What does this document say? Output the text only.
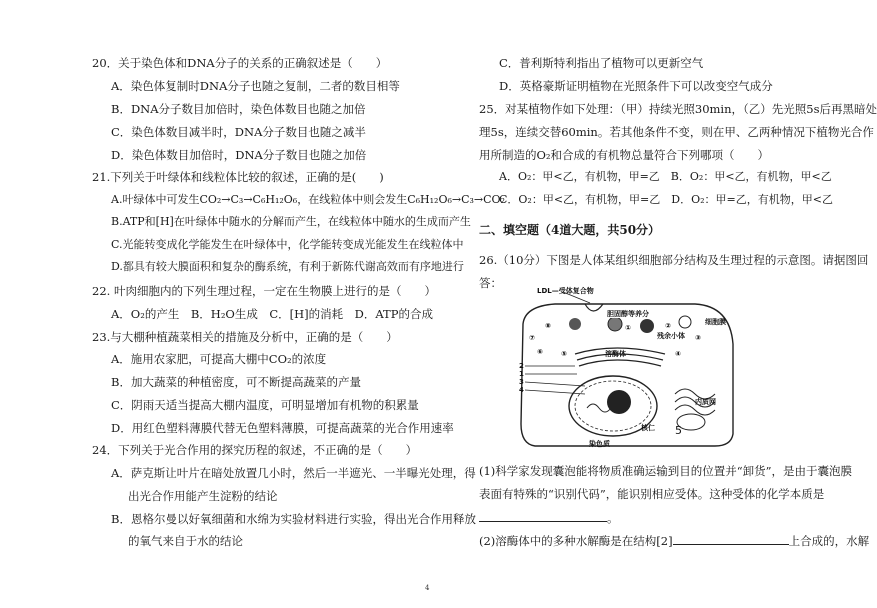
20．关于染色体和DNA分子的关系的正确叙述是（　　）
A．染色体复制时DNA分子也随之复制，二者的数目相等
B．DNA分子数目加倍时，染色体数目也随之加倍
C．染色体数目减半时，DNA分子数目也随之减半
D．染色体数目加倍时，DNA分子数目也随之加倍
21.下列关于叶绿体和线粒体比较的叙述，正确的是(　　)
A.叶绿体中可发生CO₂→C₃→C₆H₁₂O₆，在线粒体中则会发生C₆H₁₂O₆→C₃→CO₂
B.ATP和[H]在叶绿体中随水的分解而产生，在线粒体中随水的生成而产生
C.光能转变成化学能发生在叶绿体中，化学能转变成光能发生在线粒体中
D.都具有较大膜面积和复杂的酶系统，有利于新陈代谢高效而有序地进行
22. 叶肉细胞内的下列生理过程，一定在生物膜上进行的是（　　）
A．O₂的产生　B．H₂O生成　C．[H]的消耗　D．ATP的合成
23.与大棚种植蔬菜相关的措施及分析中，正确的是（　　）
A．施用农家肥，可提高大棚中CO₂的浓度
B．加大蔬菜的种植密度，可不断提高蔬菜的产量
C．阴雨天适当提高大棚内温度，可明显增加有机物的积累量
D．用红色塑料薄膜代替无色塑料薄膜，可提高蔬菜的光合作用速率
24．下列关于光合作用的探究历程的叙述，不正确的是（　　）
A．萨克斯让叶片在暗处放置几小时，然后一半遮光、一半曝光处理，得
出光合作用能产生淀粉的结论
B．恩格尔曼以好氧细菌和水绵为实验材料进行实验，得出光合作用释放
的氧气来自于水的结论
C．普利斯特利指出了植物可以更新空气
D．英格豪斯证明植物在光照条件下可以改变空气成分
25．对某植物作如下处理：（甲）持续光照30min，（乙）先光照5s后再黑暗处
理5s，连续交替60min。若其他条件不变，则在甲、乙两种情况下植物光合作
用所制造的O₂和合成的有机物总量符合下列哪项（　　）
A．O₂：甲<乙，有机物，甲=乙　B．O₂：甲<乙，有机物，甲<乙
C．O₂：甲<乙，有机物，甲=乙　D．O₂：甲=乙，有机物，甲<乙
二、填空题（4道大题，共50分）
26.（10分）下图是人体某组织细胞部分结构及生理过程的示意图。请据图回
答：
(1)科学家发现囊泡能将物质准确运输到目的位置并“卸货”，是由于囊泡膜
表面有特殊的“识别代码”，能识别相应受体。这种受体的化学本质是
。
(2)溶酶体中的多种水解酶是在结构[2]	上合成的，水解
LDL—受体复合物
胆固醇等养分
残余小体
细胞膜
⑦
⑧	①	②
③
⑥	⑤	④
溶酶体
2
1
3
4
核仁
染色质
内质网
5
4
